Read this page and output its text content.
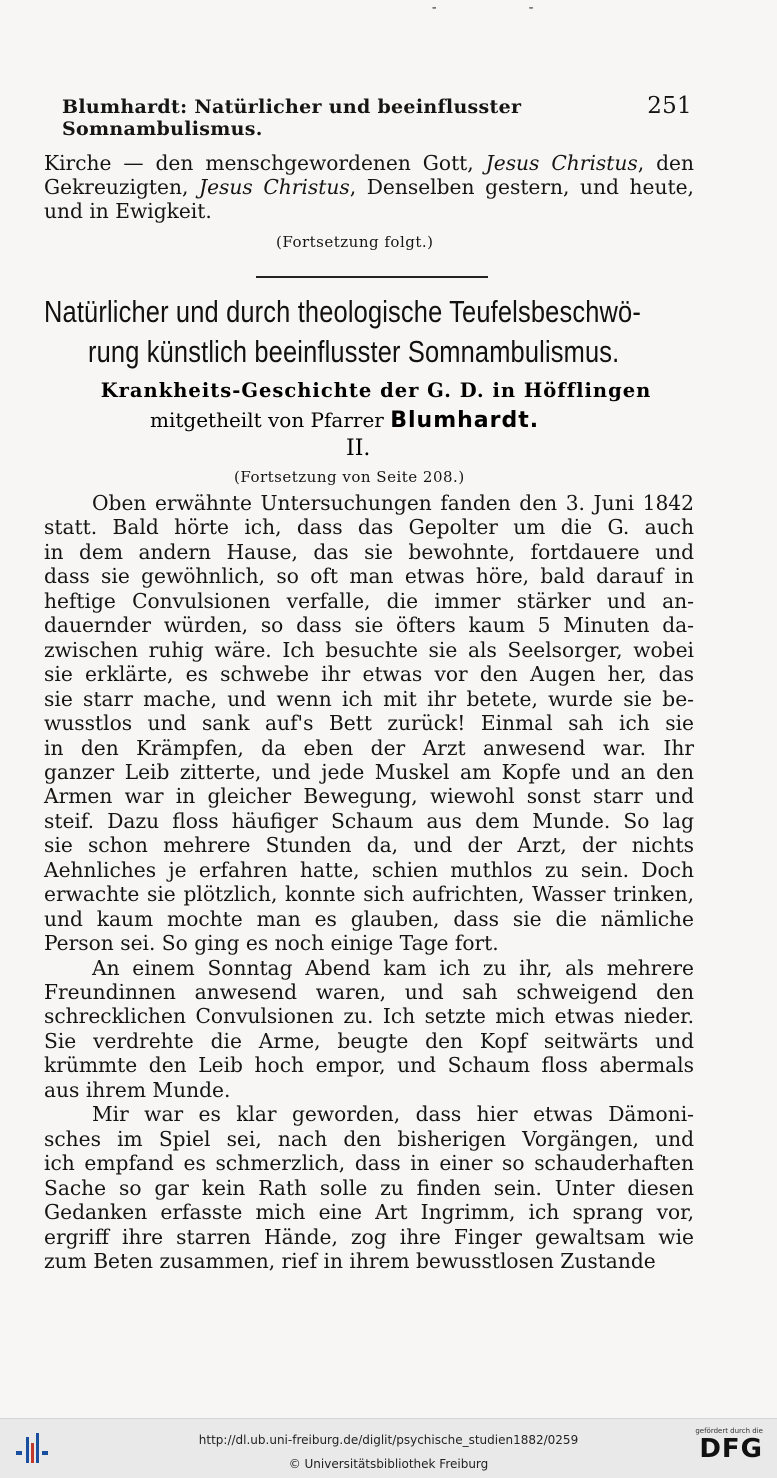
- -
Blumhardt: Natürlicher und beeinflusster Somnambulismus.
251
Kirche — den menschgewordenen Gott, Jesus Christus, den
Gekreuzigten, Jesus Christus, Denselben gestern, und heute,
und in Ewigkeit.
(Fortsetzung folgt.)
Natürlicher und durch theologische Teufelsbeschwö-
rung künstlich beeinflusster Somnambulismus.
Krankheits-Geschichte der G. D. in Höfflingen
mitgetheilt von Pfarrer Blumhardt.
II.
(Fortsetzung von Seite 208.)
Oben erwähnte Untersuchungen fanden den 3. Juni 1842
statt. Bald hörte ich, dass das Gepolter um die G. auch
in dem andern Hause, das sie bewohnte, fortdauere und
dass sie gewöhnlich, so oft man etwas höre, bald darauf in
heftige Convulsionen verfalle, die immer stärker und an-
dauernder würden, so dass sie öfters kaum 5 Minuten da-
zwischen ruhig wäre. Ich besuchte sie als Seelsorger, wobei
sie erklärte, es schwebe ihr etwas vor den Augen her, das
sie starr mache, und wenn ich mit ihr betete, wurde sie be-
wusstlos und sank auf's Bett zurück! Einmal sah ich sie
in den Krämpfen, da eben der Arzt anwesend war. Ihr
ganzer Leib zitterte, und jede Muskel am Kopfe und an den
Armen war in gleicher Bewegung, wiewohl sonst starr und
steif. Dazu floss häufiger Schaum aus dem Munde. So lag
sie schon mehrere Stunden da, und der Arzt, der nichts
Aehnliches je erfahren hatte, schien muthlos zu sein. Doch
erwachte sie plötzlich, konnte sich aufrichten, Wasser trinken,
und kaum mochte man es glauben, dass sie die nämliche
Person sei. So ging es noch einige Tage fort.
An einem Sonntag Abend kam ich zu ihr, als mehrere
Freundinnen anwesend waren, und sah schweigend den
schrecklichen Convulsionen zu. Ich setzte mich etwas nieder.
Sie verdrehte die Arme, beugte den Kopf seitwärts und
krümmte den Leib hoch empor, und Schaum floss abermals
aus ihrem Munde.
Mir war es klar geworden, dass hier etwas Dämoni-
sches im Spiel sei, nach den bisherigen Vorgängen, und
ich empfand es schmerzlich, dass in einer so schauderhaften
Sache so gar kein Rath solle zu finden sein. Unter diesen
Gedanken erfasste mich eine Art Ingrimm, ich sprang vor,
ergriff ihre starren Hände, zog ihre Finger gewaltsam wie
zum Beten zusammen, rief in ihrem bewusstlosen Zustande
http://dl.ub.uni-freiburg.de/diglit/psychische_studien1882/0259
© Universitätsbibliothek Freiburg
gefördert durch die
DFG
